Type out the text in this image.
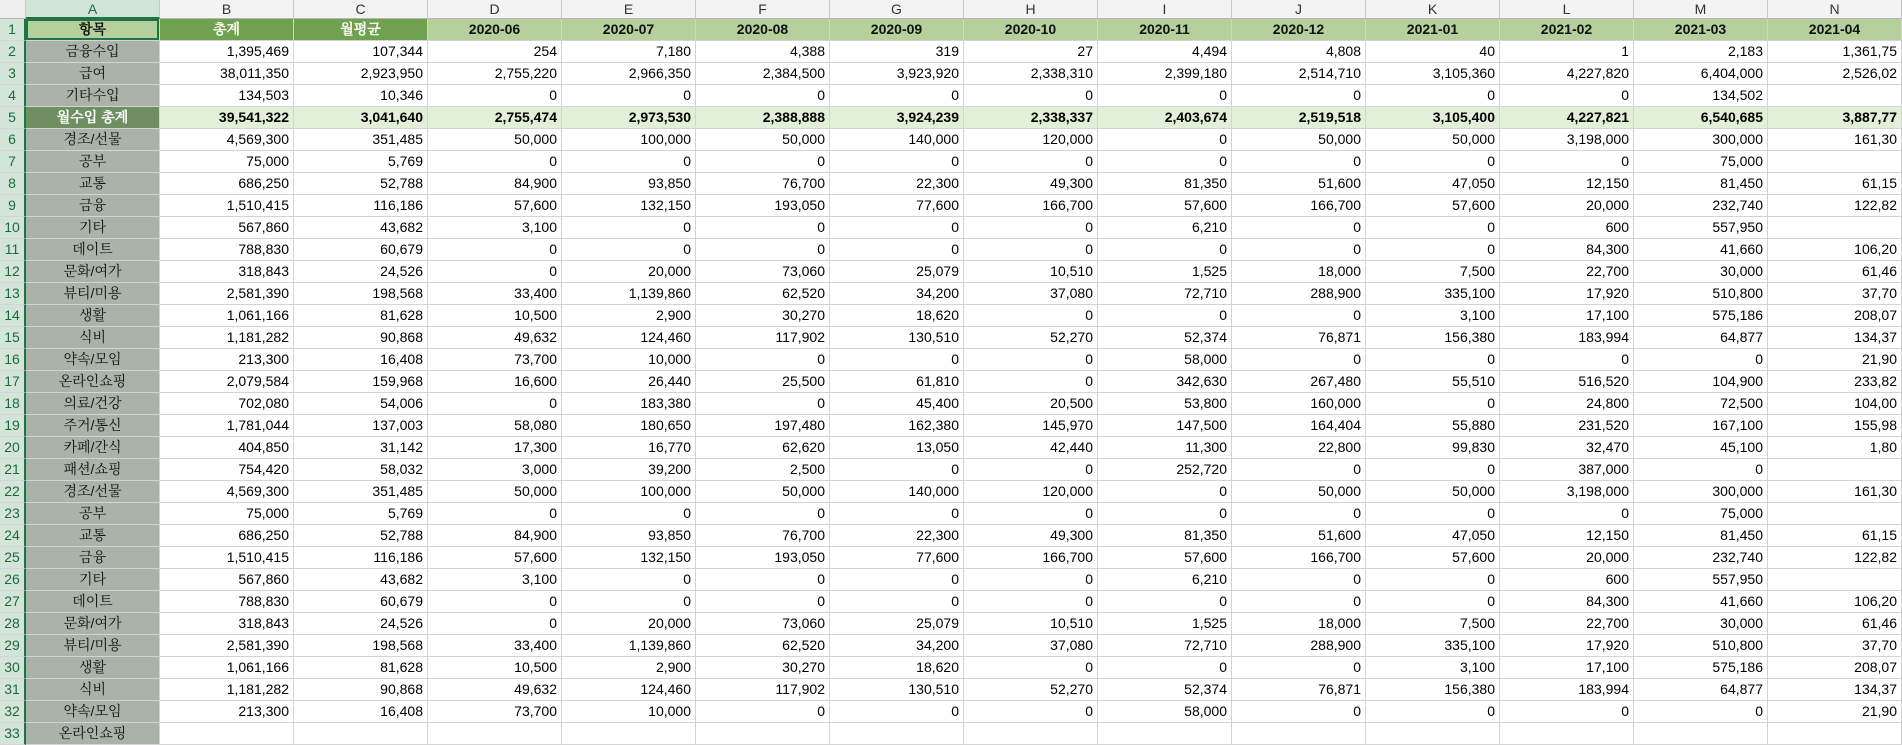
A	B	C	D	E	F	G	H	I	J	K	L	M	N
1	항목	총계	월평균	2020-06	2020-07	2020-08	2020-09	2020-10	2020-11	2020-12	2021-01	2021-02	2021-03	2021-04
2	금융수입	1,395,469	107,344	254	7,180	4,388	319	27	4,494	4,808	40	1	2,183	1,361,75
3	급여	38,011,350	2,923,950	2,755,220	2,966,350	2,384,500	3,923,920	2,338,310	2,399,180	2,514,710	3,105,360	4,227,820	6,404,000	2,526,02
4	기타수입	134,503	10,346	0	0	0	0	0	0	0	0	0	134,502
5	월수입 총계	39,541,322	3,041,640	2,755,474	2,973,530	2,388,888	3,924,239	2,338,337	2,403,674	2,519,518	3,105,400	4,227,821	6,540,685	3,887,77
6	경조/선물	4,569,300	351,485	50,000	100,000	50,000	140,000	120,000	0	50,000	50,000	3,198,000	300,000	161,30
7	공부	75,000	5,769	0	0	0	0	0	0	0	0	0	75,000
8	교통	686,250	52,788	84,900	93,850	76,700	22,300	49,300	81,350	51,600	47,050	12,150	81,450	61,15
9	금융	1,510,415	116,186	57,600	132,150	193,050	77,600	166,700	57,600	166,700	57,600	20,000	232,740	122,82
10	기타	567,860	43,682	3,100	0	0	0	0	6,210	0	0	600	557,950
11	데이트	788,830	60,679	0	0	0	0	0	0	0	0	84,300	41,660	106,20
12	문화/여가	318,843	24,526	0	20,000	73,060	25,079	10,510	1,525	18,000	7,500	22,700	30,000	61,46
13	뷰티/미용	2,581,390	198,568	33,400	1,139,860	62,520	34,200	37,080	72,710	288,900	335,100	17,920	510,800	37,70
14	생활	1,061,166	81,628	10,500	2,900	30,270	18,620	0	0	0	3,100	17,100	575,186	208,07
15	식비	1,181,282	90,868	49,632	124,460	117,902	130,510	52,270	52,374	76,871	156,380	183,994	64,877	134,37
16	약속/모임	213,300	16,408	73,700	10,000	0	0	0	58,000	0	0	0	0	21,90
17	온라인쇼핑	2,079,584	159,968	16,600	26,440	25,500	61,810	0	342,630	267,480	55,510	516,520	104,900	233,82
18	의료/건강	702,080	54,006	0	183,380	0	45,400	20,500	53,800	160,000	0	24,800	72,500	104,00
19	주거/통신	1,781,044	137,003	58,080	180,650	197,480	162,380	145,970	147,500	164,404	55,880	231,520	167,100	155,98
20	카페/간식	404,850	31,142	17,300	16,770	62,620	13,050	42,440	11,300	22,800	99,830	32,470	45,100	1,80
21	패션/쇼핑	754,420	58,032	3,000	39,200	2,500	0	0	252,720	0	0	387,000	0
22	경조/선물	4,569,300	351,485	50,000	100,000	50,000	140,000	120,000	0	50,000	50,000	3,198,000	300,000	161,30
23	공부	75,000	5,769	0	0	0	0	0	0	0	0	0	75,000
24	교통	686,250	52,788	84,900	93,850	76,700	22,300	49,300	81,350	51,600	47,050	12,150	81,450	61,15
25	금융	1,510,415	116,186	57,600	132,150	193,050	77,600	166,700	57,600	166,700	57,600	20,000	232,740	122,82
26	기타	567,860	43,682	3,100	0	0	0	0	6,210	0	0	600	557,950
27	데이트	788,830	60,679	0	0	0	0	0	0	0	0	84,300	41,660	106,20
28	문화/여가	318,843	24,526	0	20,000	73,060	25,079	10,510	1,525	18,000	7,500	22,700	30,000	61,46
29	뷰티/미용	2,581,390	198,568	33,400	1,139,860	62,520	34,200	37,080	72,710	288,900	335,100	17,920	510,800	37,70
30	생활	1,061,166	81,628	10,500	2,900	30,270	18,620	0	0	0	3,100	17,100	575,186	208,07
31	식비	1,181,282	90,868	49,632	124,460	117,902	130,510	52,270	52,374	76,871	156,380	183,994	64,877	134,37
32	약속/모임	213,300	16,408	73,700	10,000	0	0	0	58,000	0	0	0	0	21,90
33	온라인쇼핑
